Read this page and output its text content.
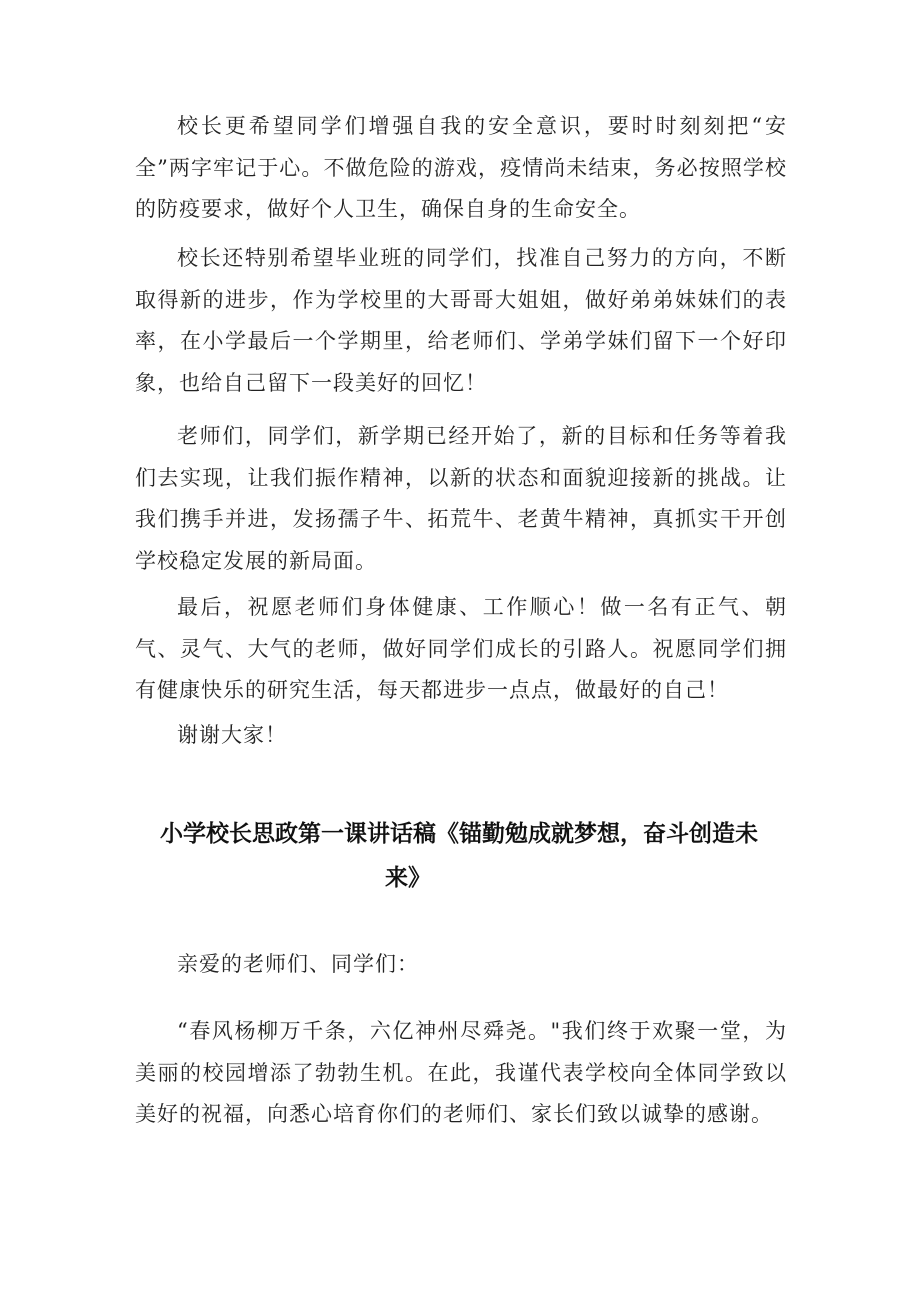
校长更希望同学们增强自我的安全意识，要时时刻刻把“安全”两字牢记于心。不做危险的游戏，疫情尚未结束，务必按照学校的防疫要求，做好个人卫生，确保自身的生命安全。

校长还特别希望毕业班的同学们，找准自己努力的方向，不断取得新的进步，作为学校里的大哥哥大姐姐，做好弟弟妹妹们的表率，在小学最后一个学期里，给老师们、学弟学妹们留下一个好印象，也给自己留下一段美好的回忆！

老师们，同学们，新学期已经开始了，新的目标和任务等着我们去实现，让我们振作精神，以新的状态和面貌迎接新的挑战。让我们携手并进，发扬孺子牛、拓荒牛、老黄牛精神，真抓实干开创学校稳定发展的新局面。

最后，祝愿老师们身体健康、工作顺心！做一名有正气、朝气、灵气、大气的老师，做好同学们成长的引路人。祝愿同学们拥有健康快乐的研究生活，每天都进步一点点，做最好的自己！

谢谢大家！

小学校长思政第一课讲话稿《锚勤勉成就梦想，奋斗创造未
来》

亲爱的老师们、同学们：

“春风杨柳万千条，六亿神州尽舜尧。"我们终于欢聚一堂，为美丽的校园增添了勃勃生机。在此，我谨代表学校向全体同学致以美好的祝福，向悉心培育你们的老师们、家长们致以诚挚的感谢。
